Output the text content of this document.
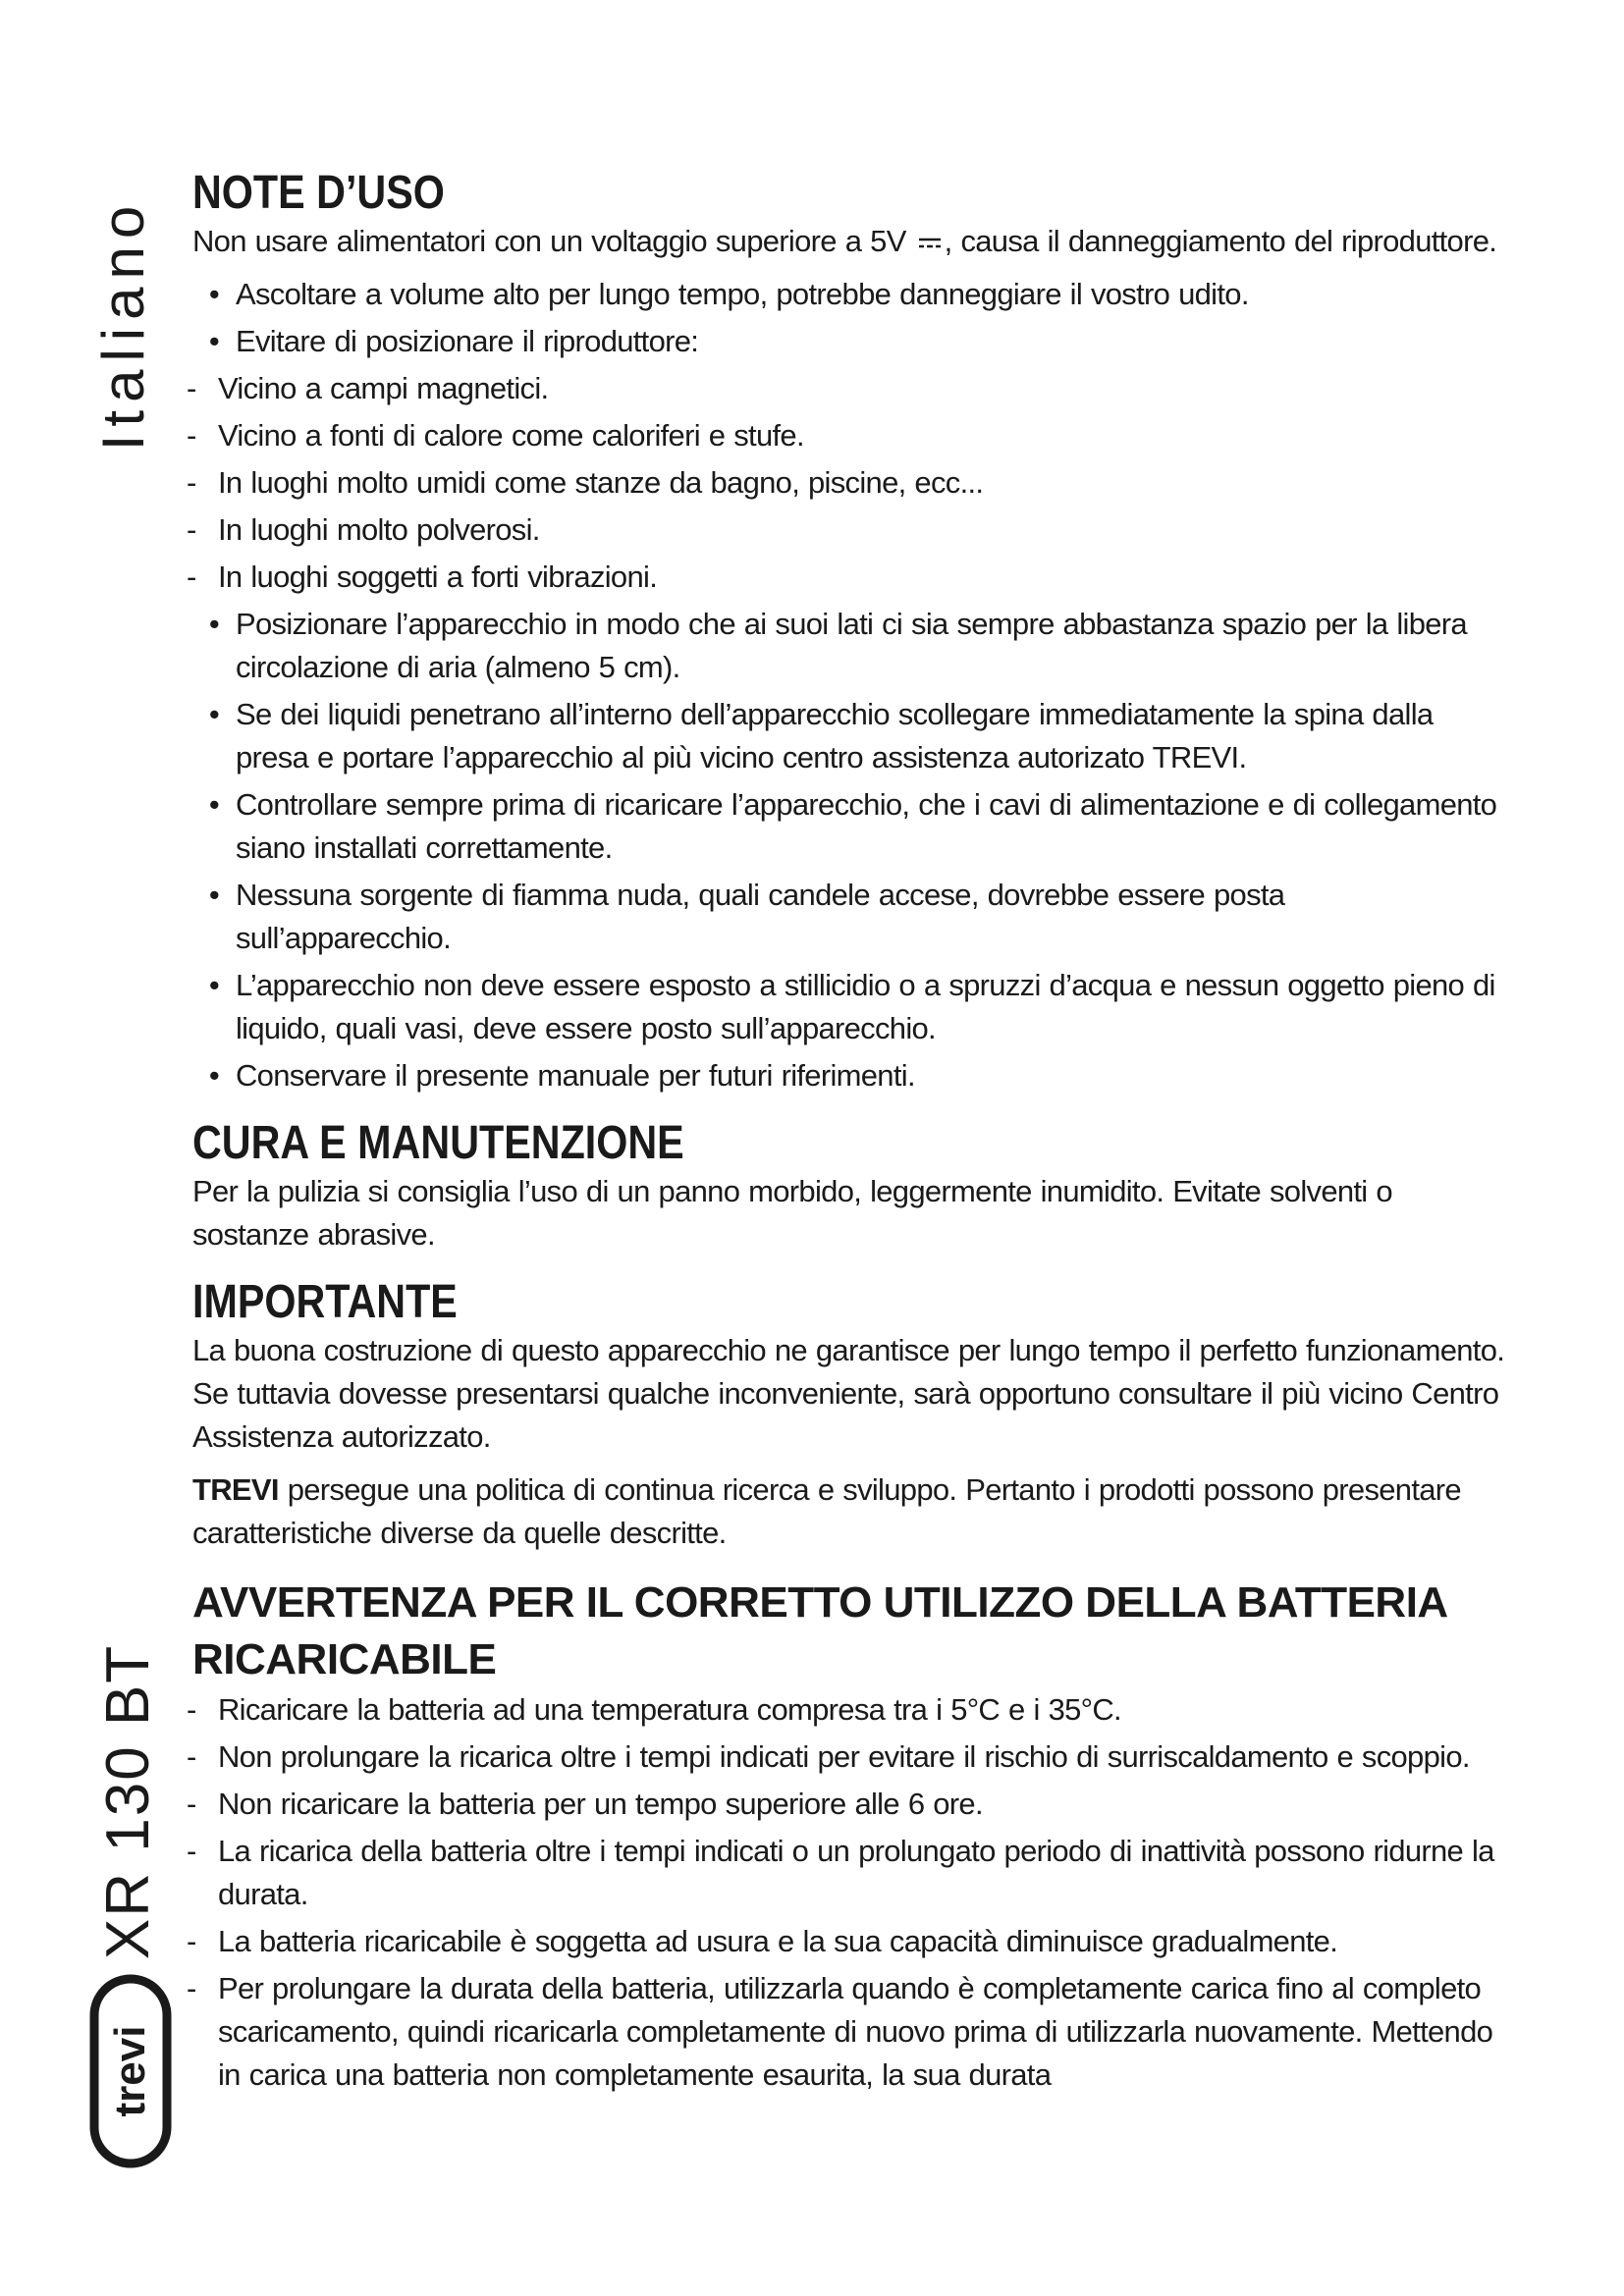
Italiano
XR 130 BT
trevi
NOTE D’USO

Non usare alimentatori con un voltaggio superiore a 5V , causa il danneggiamento del riproduttore.

• Ascoltare a volume alto per lungo tempo, potrebbe danneggiare il vostro udito.
• Evitare di posizionare il riproduttore:
- Vicino a campi magnetici.
- Vicino a fonti di calore come caloriferi e stufe.
- In luoghi molto umidi come stanze da bagno, piscine, ecc...
- In luoghi molto polverosi.
- In luoghi soggetti a forti vibrazioni.
• Posizionare l’apparecchio in modo che ai suoi lati ci sia sempre abbastanza spazio per la libera circolazione di aria (almeno 5 cm).
• Se dei liquidi penetrano all’interno dell’apparecchio scollegare immediatamente la spina dalla presa e portare l’apparecchio al più vicino centro assistenza autorizato TREVI.
• Controllare sempre prima di ricaricare l’apparecchio, che i cavi di alimentazione e di collegamento siano installati correttamente.
• Nessuna sorgente di fiamma nuda, quali candele accese, dovrebbe essere posta sull’apparecchio.
• L’apparecchio non deve essere esposto a stillicidio o a spruzzi d’acqua e nessun oggetto pieno di liquido, quali vasi, deve essere posto sull’apparecchio.
• Conservare il presente manuale per futuri riferimenti.
CURA E MANUTENZIONE

Per la pulizia si consiglia l’uso di un panno morbido, leggermente inumidito. Evitate solventi o sostanze abrasive.

IMPORTANTE

La buona costruzione di questo apparecchio ne garantisce per lungo tempo il perfetto funzionamento. Se tuttavia dovesse presentarsi qualche inconveniente, sarà opportuno consultare il più vicino Centro Assistenza autorizzato.

TREVI persegue una politica di continua ricerca e sviluppo. Pertanto i prodotti possono presentare caratteristiche diverse da quelle descritte.

AVVERTENZA PER IL CORRETTO UTILIZZO DELLA BATTERIA RICARICABILE
- Ricaricare la batteria ad una temperatura compresa tra i 5°C e i 35°C.
- Non prolungare la ricarica oltre i tempi indicati per evitare il rischio di surriscaldamento e scoppio.
- Non ricaricare la batteria per un tempo superiore alle 6 ore.
- La ricarica della batteria oltre i tempi indicati o un prolungato periodo di inattività possono ridurne la durata.
- La batteria ricaricabile è soggetta ad usura e la sua capacità diminuisce gradualmente.
- Per prolungare la durata della batteria, utilizzarla quando è completamente carica fino al completo scaricamento, quindi ricaricarla completamente di nuovo prima di utilizzarla nuovamente. Mettendo in carica una batteria non completamente esaurita, la sua durata
